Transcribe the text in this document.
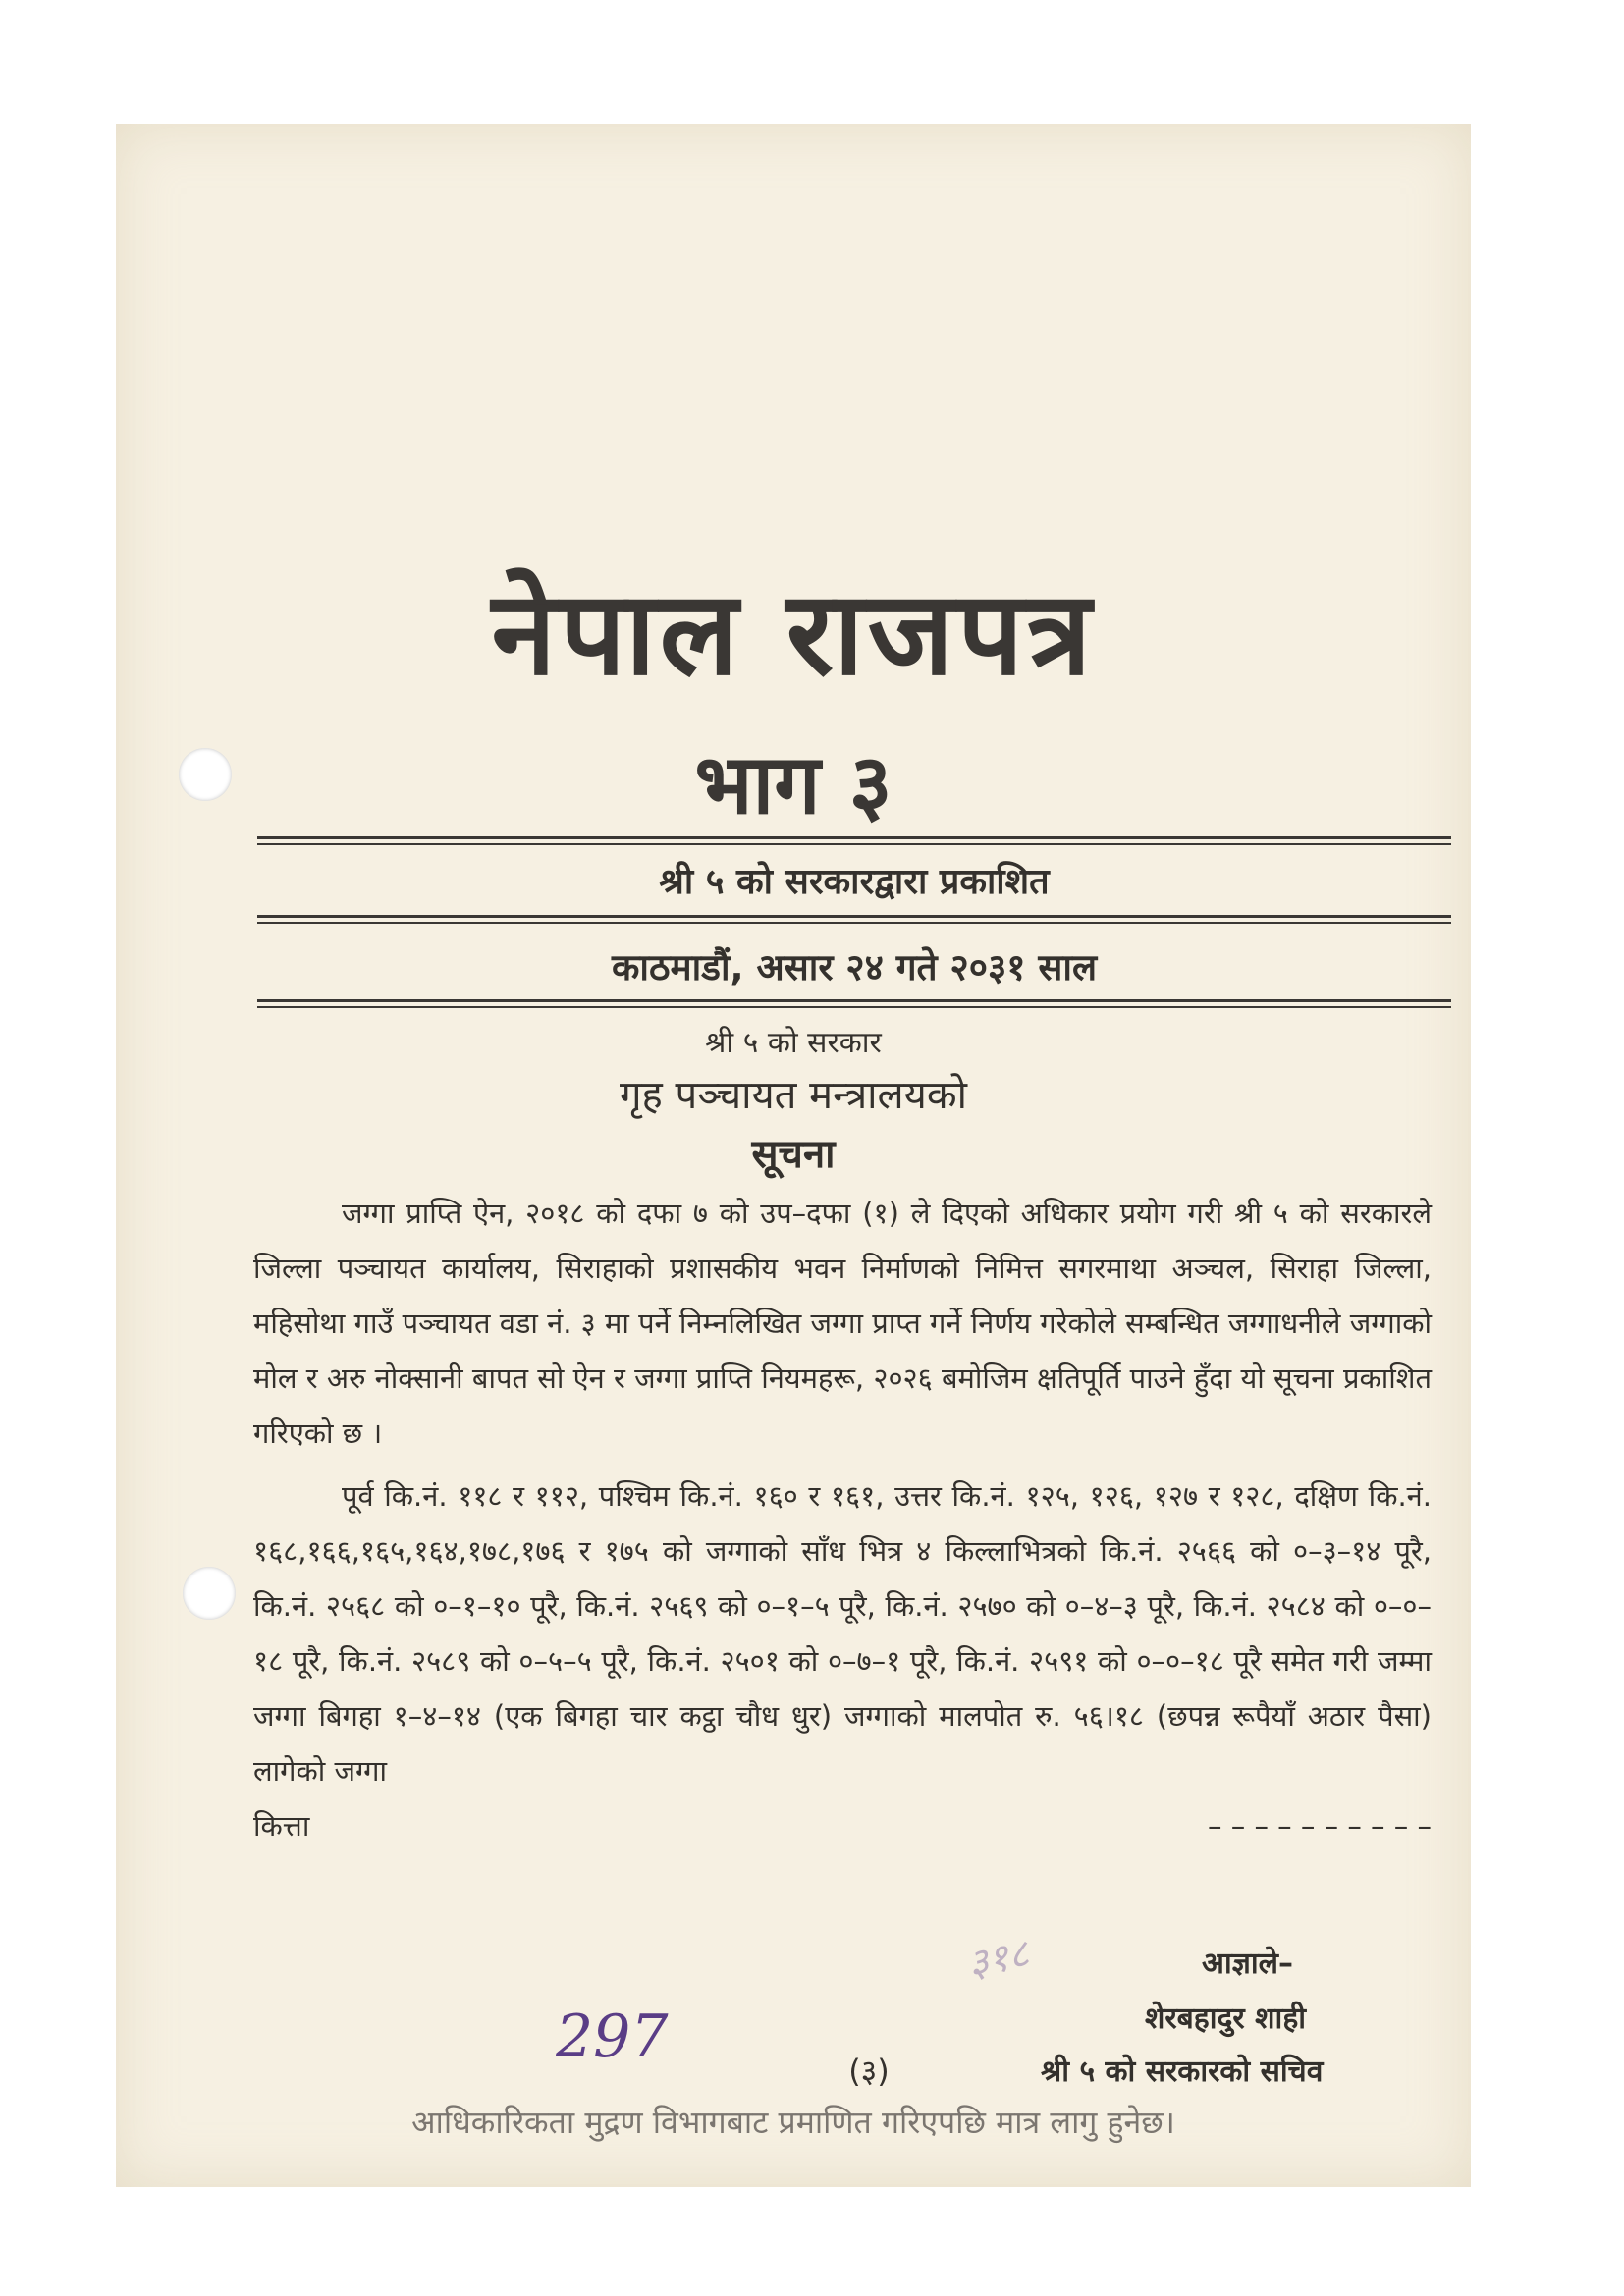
नेपाल राजपत्र
भाग ३
श्री ५ को सरकारद्वारा प्रकाशित
काठमाडौं, असार २४ गते २०३१ साल
श्री ५ को सरकार
गृह पञ्चायत मन्त्रालयको
सूचना

जग्गा प्राप्ति ऐन, २०१८ को दफा ७ को उप–दफा (१) ले दिएको अधिकार प्रयोग गरी श्री ५ को सरकारले जिल्ला पञ्चायत कार्यालय, सिराहाको प्रशासकीय भवन निर्माणको निमित्त सगरमाथा अञ्चल, सिराहा जिल्ला, महिसोथा गाउँ पञ्चायत वडा नं. ३ मा पर्ने निम्नलिखित जग्गा प्राप्त गर्ने निर्णय गरेकोले सम्बन्धित जग्गाधनीले जग्गाको मोल र अरु नोक्सानी बापत सो ऐन र जग्गा प्राप्ति नियमहरू, २०२६ बमोजिम क्षतिपूर्ति पाउने हुँदा यो सूचना प्रकाशित गरिएको छ ।

पूर्व कि.नं. ११८ र ११२, पश्चिम कि.नं. १६० र १६१, उत्तर कि.नं. १२५, १२६, १२७ र १२८, दक्षिण कि.नं. १६८,१६६,१६५,१६४,१७८,१७६ र १७५ को जग्गाको साँध भित्र ४ किल्लाभित्रको कि.नं. २५६६ को ०–३–१४ पूरै, कि.नं. २५६८ को ०–१–१० पूरै, कि.नं. २५६९ को ०–१–५ पूरै, कि.नं. २५७० को ०–४–३ पूरै, कि.नं. २५८४ को ०–०–१८ पूरै, कि.नं. २५८९ को ०–५–५ पूरै, कि.नं. २५०१ को ०–७–१ पूरै, कि.नं. २५९१ को ०–०–१८ पूरै समेत गरी जम्मा जग्गा बिगहा १–४–१४ (एक बिगहा चार कट्ठा चौध धुर) जग्गाको मालपोत रु. ५६।१८ (छपन्न रूपैयाँ अठार पैसा) लागेको जग्गा

कित्ता	– – – – – – – – – –
३१८	आज्ञाले–
शेरबहादुर शाही
297	(३)	श्री ५ को सरकारको सचिव
आधिकारिकता मुद्रण विभागबाट प्रमाणित गरिएपछि मात्र लागु हुनेछ।
